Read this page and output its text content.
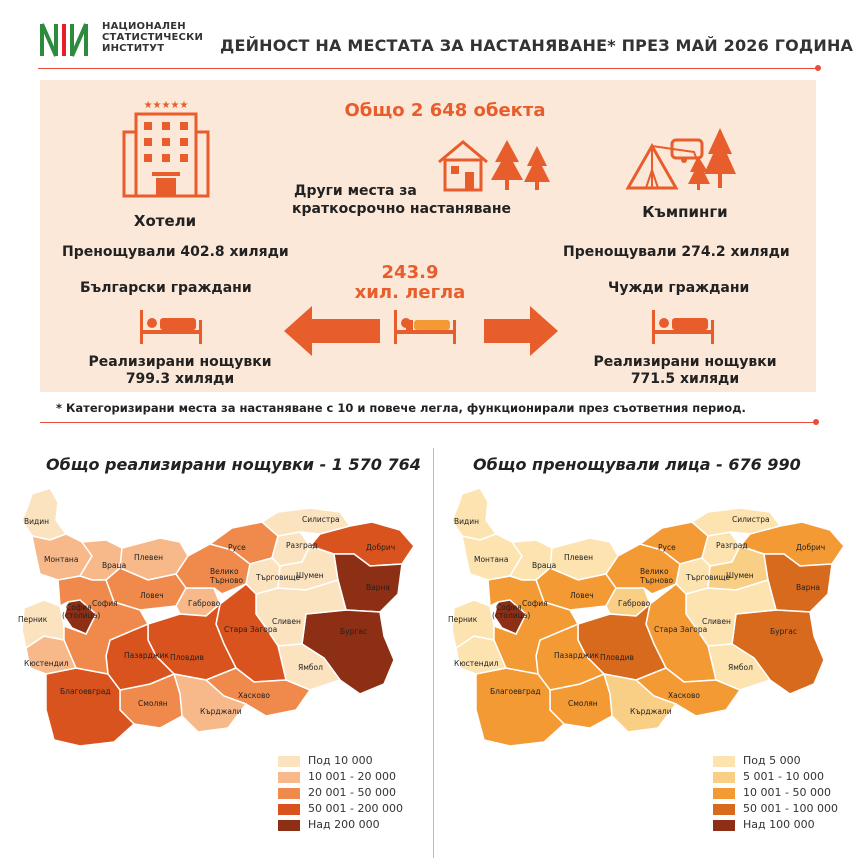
НАЦИОНАЛЕН
СТАТИСТИЧЕСКИ
ИНСТИТУТ	ДЕЙНОСТ НА МЕСТАТА ЗА НАСТАНЯВАНЕ* ПРЕЗ МАЙ 2026 ГОДИНА
Общо 2 648 обекта
★★★★★
Хотели
Други места за
краткосрочно настаняване	Къмпинги
Пренощували 402.8 хиляди	Пренощували 274.2 хиляди
243.9
хил. легла
Български граждани	Чужди граждани
Реализирани нощувки
799.3 хиляди
Реализирани нощувки
771.5 хиляди
* Категоризирани места за настаняване с 10 и повече легла, функционирали през съответния период.
Общо реализирани нощувки - 1 570 764
Видин
Монтана
Враца
Плевен
Ловеч
Габрово
Велико
Търново
Русе	Разград
Силистра
Търговище
Шумен
Добрич
Варна
Бургас
Сливен
Ямбол
Стара Загора
Пловдив
Хасково
Кърджали
Смолян
Пазарджик
Благоевград
Кюстендил
Перник
София
София
(столица)
Под 10 000
10 001 - 20 000
20 001 - 50 000
50 001 - 200 000
Над 200 000
Общо пренощували лица - 676 990
Видин
Монтана
Враца
Плевен
Ловеч
Габрово
Велико
Търново
Русе	Разград
Силистра
Търговище
Шумен
Добрич
Варна
Бургас
Сливен
Ямбол
Стара Загора
Пловдив
Хасково
Кърджали
Смолян
Пазарджик
Благоевград
Кюстендил
Перник
София
София
(столица)
Под 5 000
5 001 - 10 000
10 001 - 50 000
50 001 - 100 000
Над 100 000
